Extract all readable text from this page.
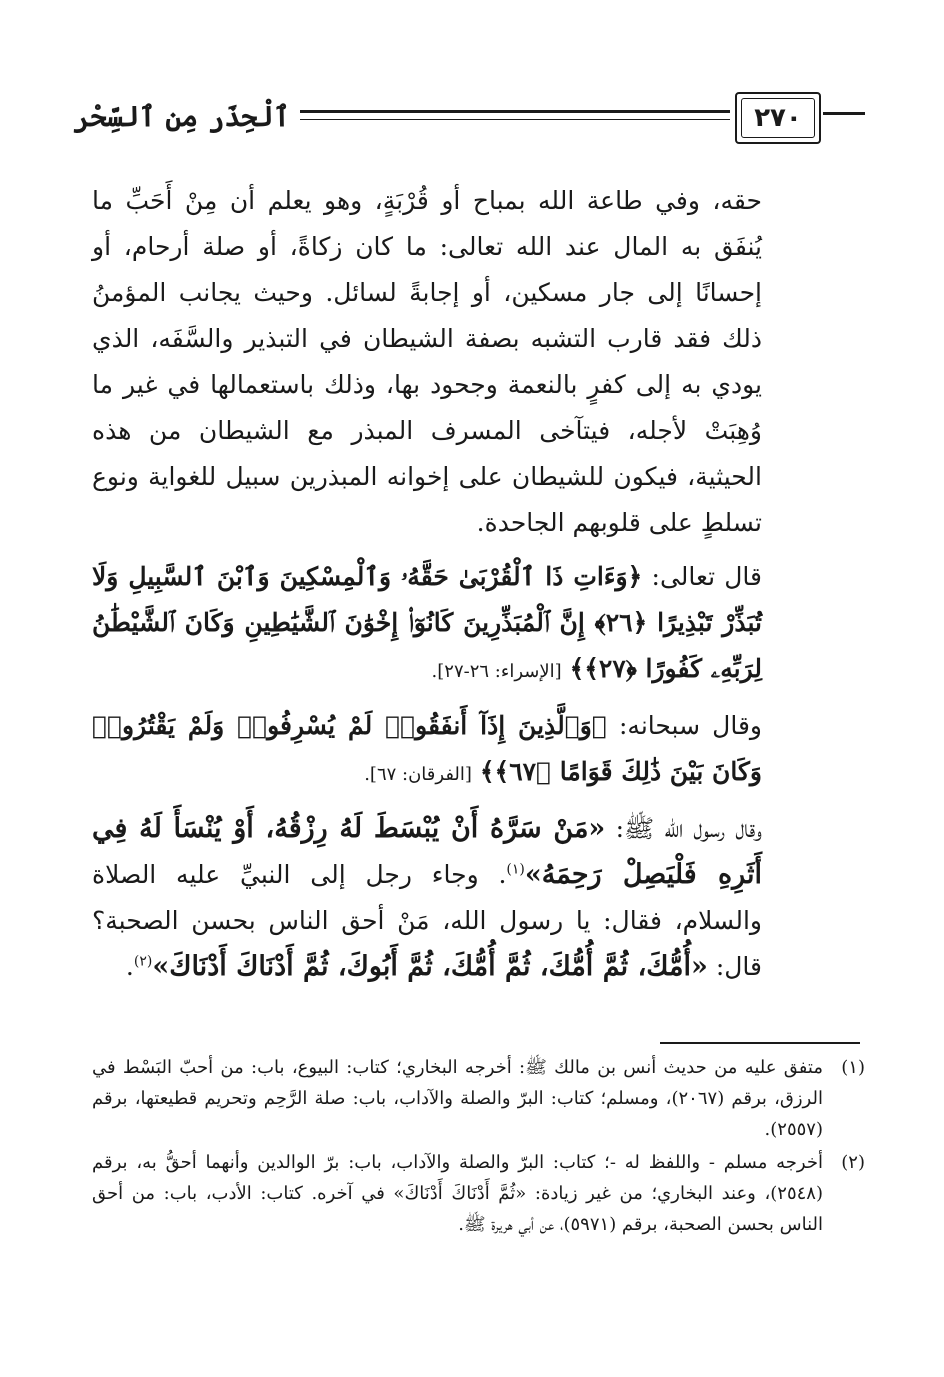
٢٧٠
ٱلْحِذَر مِن ٱلسِّحْر

حقه، وفي طاعة الله بمباح أو قُرْبَةٍ، وهو يعلم أن مِنْ أَحَبِّ ما يُنفَق به المال عند الله تعالى: ما كان زكاةً، أو صلة أرحام، أو إحسانًا إلى جار مسكين، أو إجابةً لسائل. وحيث يجانب المؤمنُ ذلك فقد قارب التشبه بصفة الشيطان في التبذير والسَّفَه، الذي يودي به إلى كفرٍ بالنعمة وجحود بها، وذلك باستعمالها في غير ما وُهِبَتْ لأجله، فيتآخى المسرف المبذر مع الشيطان من هذه الحيثية، فيكون للشيطان على إخوانه المبذرين سبيل للغواية ونوع تسلطٍ على قلوبهم الجاحدة.

قال تعالى: ﴿وَءَاتِ ذَا ٱلْقُرْبَىٰ حَقَّهُۥ وَٱلْمِسْكِينَ وَٱبْنَ ٱلسَّبِيلِ وَلَا تُبَذِّرْ تَبْذِيرًا ﴿٢٦﴾ إِنَّ ٱلْمُبَذِّرِينَ كَانُوٓا۟ إِخْوَٰنَ ٱلشَّيَٰطِينِ وَكَانَ ٱلشَّيْطَٰنُ لِرَبِّهِۦ كَفُورًا ﴿٢٧﴾﴾ [الإسراء: ٢٦-٢٧].

وقال سبحانه: ﴿وَٱلَّذِينَ إِذَآ أَنفَقُوا۟ لَمْ يُسْرِفُوا۟ وَلَمْ يَقْتُرُوا۟ وَكَانَ بَيْنَ ذَٰلِكَ قَوَامًا ﴿٦٧﴾﴾ [الفرقان: ٦٧].

وقال رسول الله ﷺ: «مَنْ سَرَّهُ أَنْ يُبْسَطَ لَهُ رِزْقُهُ، أَوْ يُنْسَأَ لَهُ فِي أَثَرِهِ فَلْيَصِلْ رَحِمَهُ»$^{(١)}$. وجاء رجل إلى النبيِّ عليه الصلاة والسلام، فقال: يا رسول الله، مَنْ أحق الناس بحسن الصحبة؟ قال: «أُمُّكَ، ثُمَّ أُمُّكَ، ثُمَّ أُمُّكَ، ثُمَّ أَبُوكَ، ثُمَّ أَدْنَاكَ أَدْنَاكَ»$^{(٢)}$.

(١)
متفق عليه من حديث أنس بن مالك ﷺ: أخرجه البخاري؛ كتاب: البيوع، باب: من أحبّ البَسْط في الرزق، برقم (٢٠٦٧)، ومسلم؛ كتاب: البرّ والصلة والآداب، باب: صلة الرَّحِم وتحريم قطيعتها، برقم (٢٥٥٧).
(٢)
أخرجه مسلم - واللفظ له -؛ كتاب: البرّ والصلة والآداب، باب: برّ الوالدين وأنهما أحقُّ به، برقم (٢٥٤٨)، وعند البخاري؛ من غير زيادة: «ثُمَّ أَدْنَاكَ أَدْنَاكَ» في آخره. كتاب: الأدب، باب: من أحق الناس بحسن الصحبة، برقم (٥٩٧١)، عن أبي هريرة ﷺ.
